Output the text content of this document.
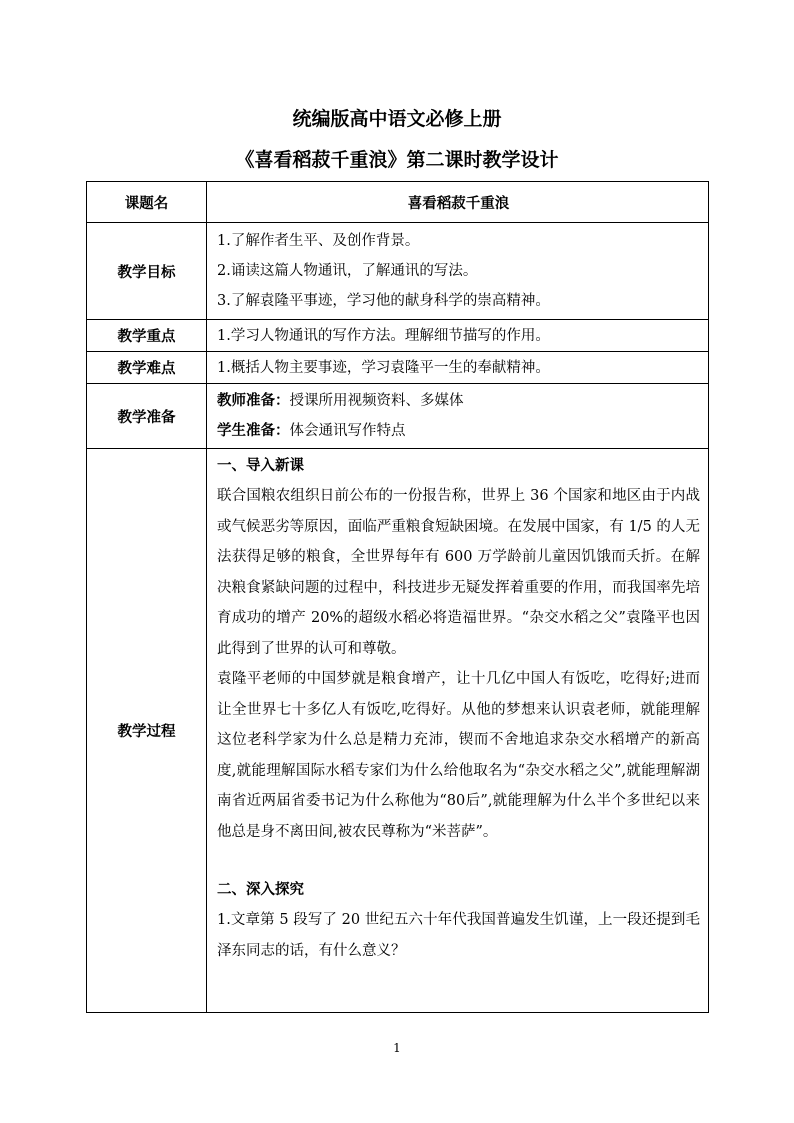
统编版高中语文必修上册
《喜看稻菽千重浪》第二课时教学设计
课题名	喜看稻菽千重浪
教学目标	1.了解作者生平、及创作背景。
2.诵读这篇人物通讯，了解通讯的写法。
3.了解袁隆平事迹，学习他的献身科学的崇高精神。

教学重点	1.学习人物通讯的写作方法。理解细节描写的作用。

教学难点	1.概括人物主要事迹，学习袁隆平一生的奉献精神。

教学准备	教师准备：授课所用视频资料、多媒体
学生准备：体会通讯写作特点

教学过程	一、导入新课
联合国粮农组织日前公布的一份报告称，世界上 36 个国家和地区由于内战或气候恶劣等原因，面临严重粮食短缺困境。在发展中国家，有 1/5 的人无法获得足够的粮食，全世界每年有 600 万学龄前儿童因饥饿而夭折。在解决粮食紧缺问题的过程中，科技进步无疑发挥着重要的作用，而我国率先培育成功的增产 20%的超级水稻必将造福世界。“杂交水稻之父”袁隆平也因此得到了世界的认可和尊敬。
袁隆平老师的中国梦就是粮食增产，让十几亿中国人有饭吃，吃得好;进而让全世界七十多亿人有饭吃,吃得好。从他的梦想来认识袁老师，就能理解这位老科学家为什么总是精力充沛，锲而不舍地追求杂交水稻增产的新高度,就能理解国际水稻专家们为什么给他取名为“杂交水稻之父”,就能理解湖南省近两届省委书记为什么称他为“80后”,就能理解为什么半个多世纪以来他总是身不离田间,被农民尊称为“米菩萨”。
二、深入探究
1.文章第 5 段写了 20 世纪五六十年代我国普遍发生饥谨，上一段还提到毛泽东同志的话，有什么意义？
1
